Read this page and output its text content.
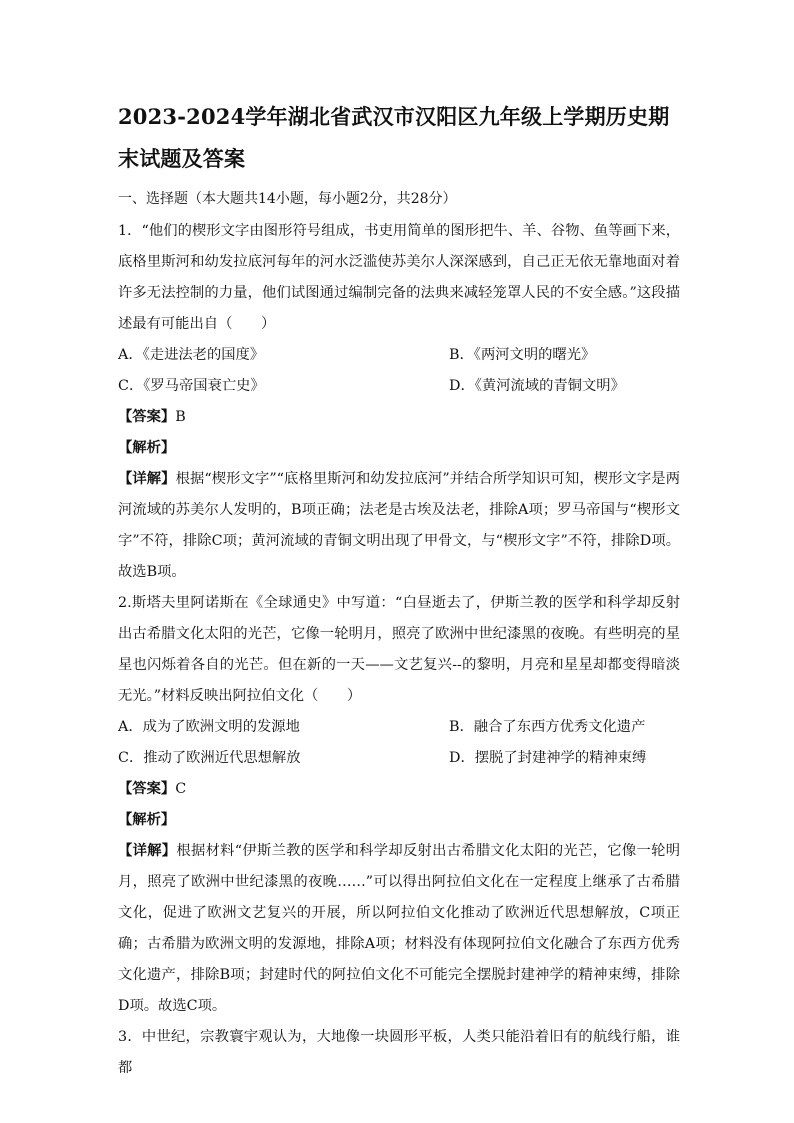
2023-2024学年湖北省武汉市汉阳区九年级上学期历史期末试题及答案
一、选择题（本大题共14小题，每小题2分，共28分）

1．“他们的楔形文字由图形符号组成，书吏用简单的图形把牛、羊、谷物、鱼等画下来，底格里斯河和幼发拉底河每年的河水泛滥使苏美尔人深深感到，自己正无依无靠地面对着许多无法控制的力量，他们试图通过编制完备的法典来减轻笼罩人民的不安全感。”这段描述最有可能出自（　　）

A．《走进法老的国度》	B．《两河文明的曙光》
C．《罗马帝国衰亡史》	D．《黄河流域的青铜文明》

【答案】B

【解析】

【详解】根据“楔形文字”“底格里斯河和幼发拉底河”并结合所学知识可知，楔形文字是两河流域的苏美尔人发明的，B项正确；法老是古埃及法老，排除A项；罗马帝国与“楔形文字”不符，排除C项；黄河流域的青铜文明出现了甲骨文，与“楔形文字”不符，排除D项。故选B项。

2.斯塔夫里阿诺斯在《全球通史》中写道：“白昼逝去了，伊斯兰教的医学和科学却反射出古希腊文化太阳的光芒，它像一轮明月，照亮了欧洲中世纪漆黑的夜晚。有些明亮的星星也闪烁着各自的光芒。但在新的一天——文艺复兴--的黎明，月亮和星星却都变得暗淡无光。”材料反映出阿拉伯文化（　　）

A．成为了欧洲文明的发源地	B．融合了东西方优秀文化遗产
C．推动了欧洲近代思想解放	D．摆脱了封建神学的精神束缚

【答案】C

【解析】

【详解】根据材料“伊斯兰教的医学和科学却反射出古希腊文化太阳的光芒，它像一轮明月，照亮了欧洲中世纪漆黑的夜晚……”可以得出阿拉伯文化在一定程度上继承了古希腊文化，促进了欧洲文艺复兴的开展，所以阿拉伯文化推动了欧洲近代思想解放，C项正确；古希腊为欧洲文明的发源地，排除A项；材料没有体现阿拉伯文化融合了东西方优秀文化遗产，排除B项；封建时代的阿拉伯文化不可能完全摆脱封建神学的精神束缚，排除D项。故选C项。

3．中世纪，宗教寰宇观认为，大地像一块圆形平板，人类只能沿着旧有的航线行船，谁都
